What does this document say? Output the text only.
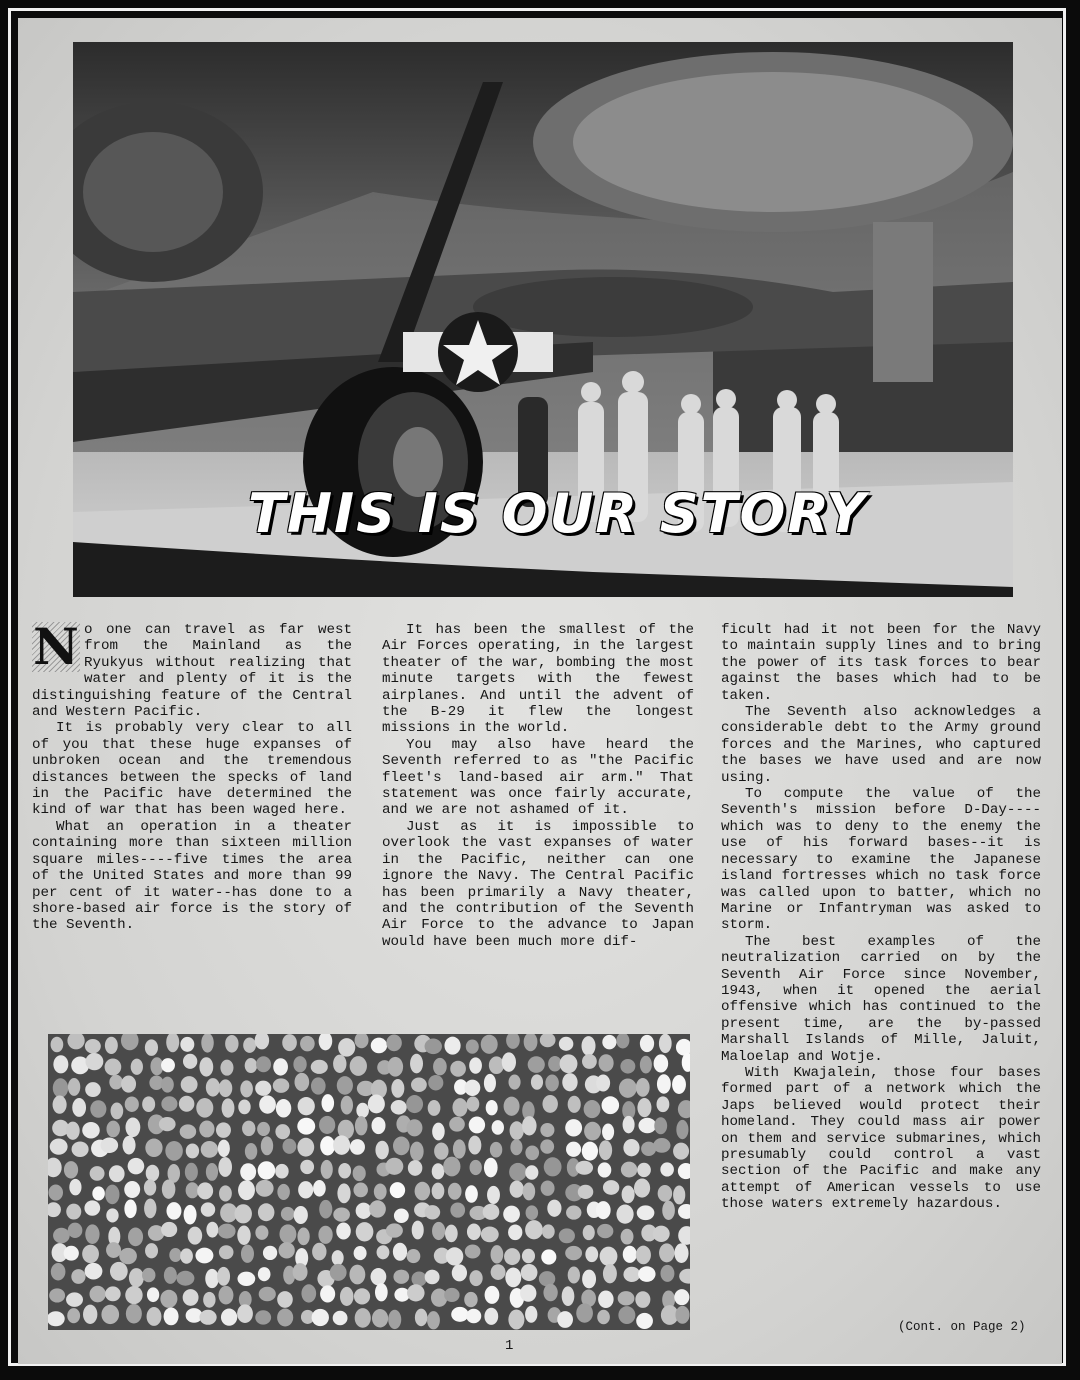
THIS IS OUR STORY
N o one can travel as far west from the Mainland as the Ryukyus without realizing that water and plenty of it is the distinguishing feature of the Central and Western Pacific.

It is probably very clear to all of you that these huge expanses of unbroken ocean and the tremendous distances between the specks of land in the Pacific have determined the kind of war that has been waged here.

What an operation in a theater containing more than sixteen million square miles----five times the area of the United States and more than 99 per cent of it water--has done to a shore-based air force is the story of the Seventh.

It has been the smallest of the Air Forces operating, in the largest theater of the war, bombing the most minute targets with the fewest airplanes. And until the advent of the B-29 it flew the longest missions in the world.

You may also have heard the Seventh referred to as "the Pacific fleet's land-based air arm." That statement was once fairly accurate, and we are not ashamed of it.

Just as it is impossible to overlook the vast expanses of water in the Pacific, neither can one ignore the Navy. The Central Pacific has been primarily a Navy theater, and the contribution of the Seventh Air Force to the advance to Japan would have been much more dif-

ficult had it not been for the Navy to maintain supply lines and to bring the power of its task forces to bear against the bases which had to be taken.

The Seventh also acknowledges a considerable debt to the Army ground forces and the Marines, who captured the bases we have used and are now using.

To compute the value of the Seventh's mission before D-Day----which was to deny to the enemy the use of his forward bases--it is necessary to examine the Japanese island fortresses which no task force was called upon to batter, which no Marine or Infantryman was asked to storm.

The best examples of the neutralization carried on by the Seventh Air Force since November, 1943, when it opened the aerial offensive which has continued to the present time, are the by-passed Marshall Islands of Mille, Jaluit, Maloelap and Wotje.

With Kwajalein, those four bases formed part of a network which the Japs believed would protect their homeland. They could mass air power on them and service submarines, which presumably could control a vast section of the Pacific and make any attempt of American vessels to use those waters extremely hazardous.

(Cont. on Page 2)
1
